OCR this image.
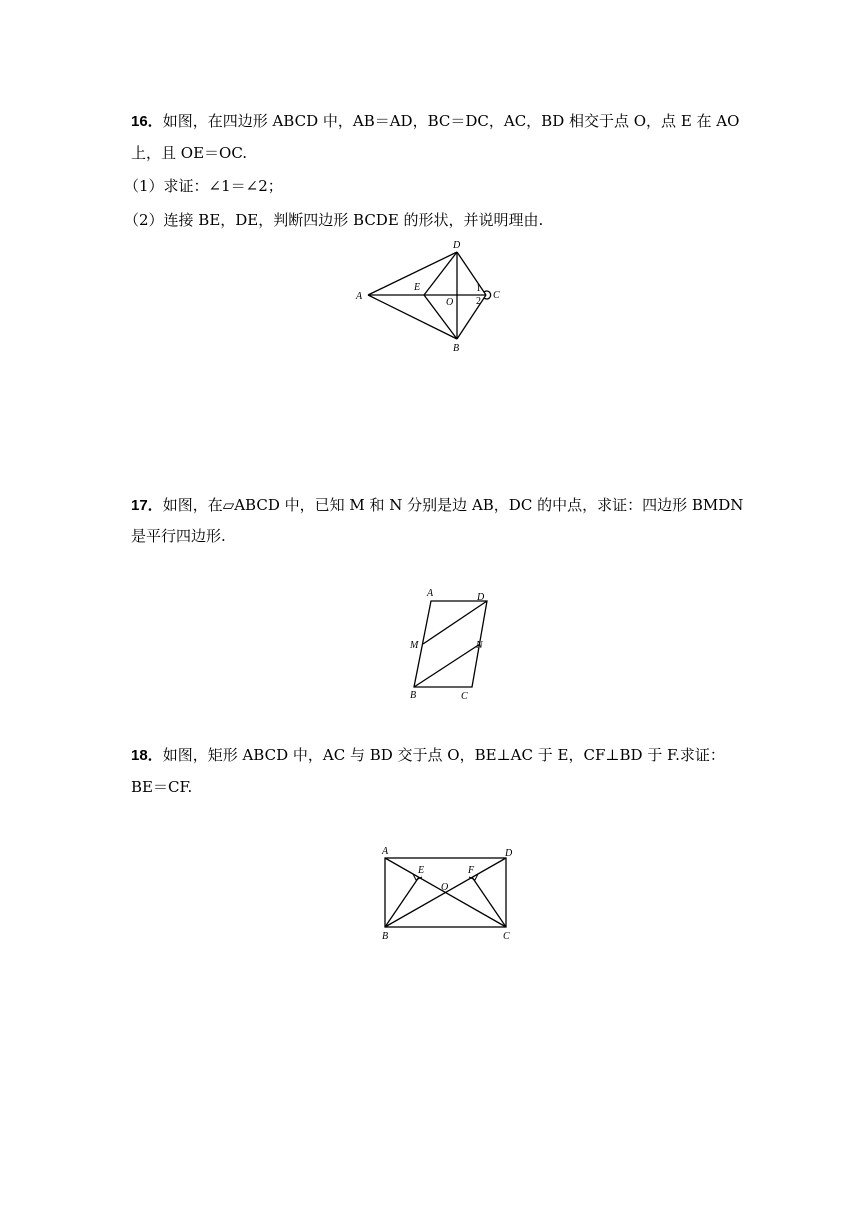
16．如图，在四边形 ABCD 中，AB＝AD，BC＝DC，AC，BD 相交于点 O，点 E 在 AO
上，且 OE＝OC.
（1）求证：∠1＝∠2；
（2）连接 BE，DE，判断四边形 BCDE 的形状，并说明理由.
A
D
B
C
E
O
1
2
17．如图，在▱ABCD 中，已知 M 和 N 分别是边 AB，DC 的中点，求证：四边形 BMDN
是平行四边形.
A	D
M	N
B	C
18．如图，矩形 ABCD 中，AC 与 BD 交于点 O，BE⊥AC 于 E，CF⊥BD 于 F.求证：
BE＝CF.
A	D
B	C
E	F
O
